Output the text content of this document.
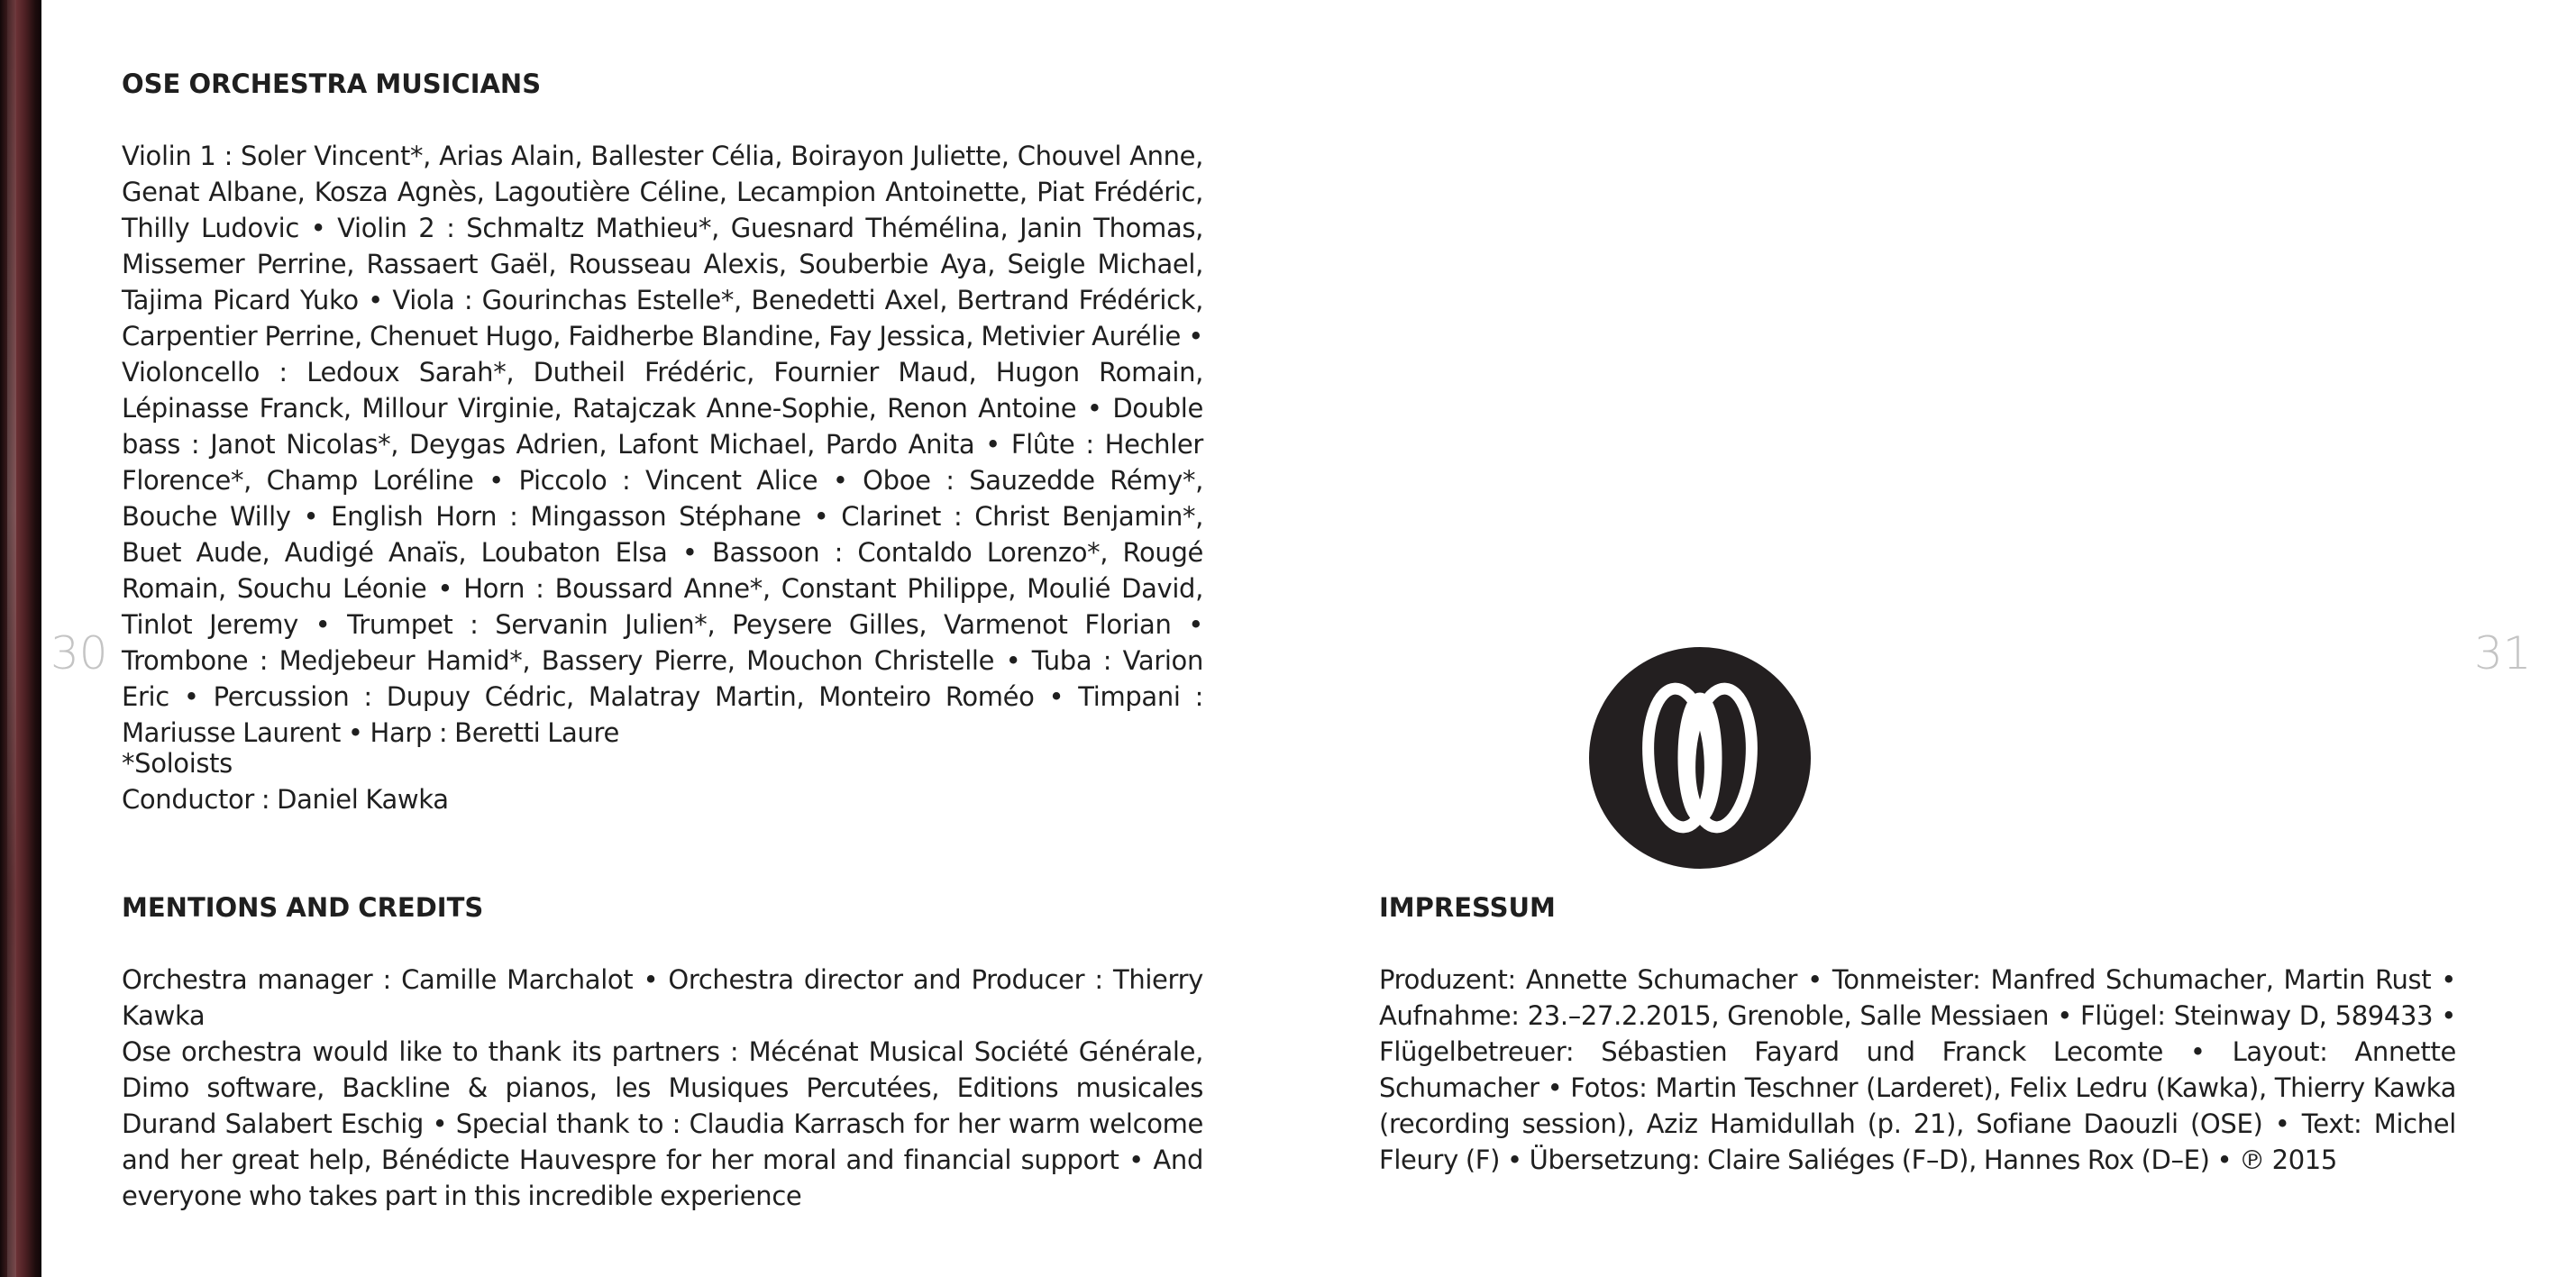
30	31

OSE ORCHESTRA MUSICIANS

Violin 1 : Soler Vincent*, Arias Alain, Ballester Célia, Boirayon Juliette, Chouvel Anne, Genat Albane, Kosza Agnès, Lagoutière Céline, Lecampion Antoinette, Piat Frédéric, Thilly Ludovic • Violin 2 : Schmaltz Mathieu*, Guesnard Thémélina, Janin Thomas, Missemer Perrine, Rassaert Gaël, Rousseau Alexis, Souberbie Aya, Seigle Michael, Tajima Picard Yuko • Viola : Gourinchas Estelle*, Benedetti Axel, Bertrand Frédérick, Carpentier Perrine, Chenuet Hugo, Faidherbe Blandine, Fay Jessica, Metivier Aurélie • Violoncello : Ledoux Sarah*, Dutheil Frédéric, Fournier Maud, Hugon Romain, Lépinasse Franck, Millour Virginie, Ratajczak Anne-Sophie, Renon Antoine • Double bass : Janot Nicolas*, Deygas Adrien, Lafont Michael, Pardo Anita • Flûte : Hechler Florence*, Champ Loréline • Piccolo : Vincent Alice • Oboe : Sauzedde Rémy*, Bouche Willy • English Horn : Mingasson Stéphane • Clarinet : Christ Benjamin*, Buet Aude, Audigé Anaïs, Loubaton Elsa • Bassoon : Contaldo Lorenzo*, Rougé Romain, Souchu Léonie • Horn : Boussard Anne*, Constant Philippe, Moulié David, Tinlot Jeremy • Trumpet : Servanin Julien*, Peysere Gilles, Varmenot Florian • Trombone : Medjebeur Hamid*, Bassery Pierre, Mouchon Christelle • Tuba : Varion Eric • Percussion : Dupuy Cédric, Malatray Martin, Monteiro Roméo • Timpani : Mariusse Laurent • Harp : Beretti Laure

*Soloists

Conductor : Daniel Kawka

MENTIONS AND CREDITS

Orchestra manager : Camille Marchalot • Orchestra director and Producer : Thierry Kawka

Ose orchestra would like to thank its partners : Mécénat Musical Société Générale, Dimo software, Backline & pianos, les Musiques Percutées, Editions musicales Durand Salabert Eschig • Special thank to : Claudia Karrasch for her warm welcome and her great help, Bénédicte Hauvespre for her moral and financial support • And everyone who takes part in this incredible experience

IMPRESSUM

Produzent: Annette Schumacher • Tonmeister: Manfred Schumacher, Martin Rust • Aufnahme: 23.–27.2.2015, Grenoble, Salle Messiaen • Flügel: Steinway D, 589433 • Flügelbetreuer: Sébastien Fayard und Franck Lecomte • Layout: Annette Schumacher • Fotos: Martin Teschner (Larderet), Felix Ledru (Kawka), Thierry Kawka (recording session), Aziz Hamidullah (p. 21), Sofiane Daouzli (OSE) • Text: Michel Fleury (F) • Übersetzung: Claire Saliéges (F–D), Hannes Rox (D–E) • ℗ 2015
